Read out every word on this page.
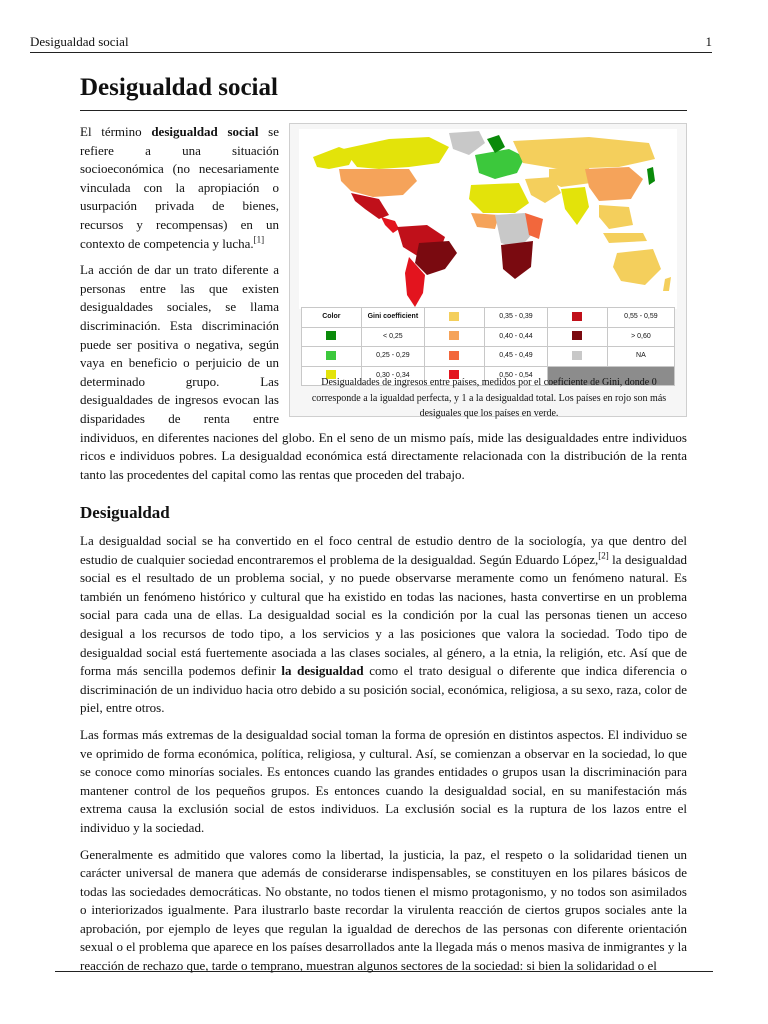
Desigualdad social	1
Desigualdad social
Color	Gini coefficient		0,35 - 0,39		0,55 - 0,59
	< 0,25		0,40 - 0,44		> 0,60
	0,25 - 0,29		0,45 - 0,49		NA
	0,30 - 0,34		0,50 - 0,54		
Desigualdades de ingresos entre países, medidos por el coeficiente de Gini, donde 0 corresponde a la igualdad perfecta, y 1 a la desigualdad total. Los países en rojo son más desiguales que los países en verde.

El término desigualdad social se refiere a una situación socioeconómica (no necesariamente vinculada con la apropiación o usurpación privada de bienes, recursos y recompensas) en un contexto de competencia y lucha.[1]

La acción de dar un trato diferente a personas entre las que existen desigualdades sociales, se llama discriminación. Esta discriminación puede ser positiva o negativa, según vaya en beneficio o perjuicio de un determinado grupo. Las desigualdades de ingresos evocan las disparidades de renta entre individuos, en diferentes naciones del globo. En el seno de un mismo país, mide las desigualdades entre individuos ricos e individuos pobres. La desigualdad económica está directamente relacionada con la distribución de la renta tanto las procedentes del capital como las rentas que proceden del trabajo.

Desigualdad

La desigualdad social se ha convertido en el foco central de estudio dentro de la sociología, ya que dentro del estudio de cualquier sociedad encontraremos el problema de la desigualdad. Según Eduardo López,[2] la desigualdad social es el resultado de un problema social, y no puede observarse meramente como un fenómeno natural. Es también un fenómeno histórico y cultural que ha existido en todas las naciones, hasta convertirse en un problema social para cada una de ellas. La desigualdad social es la condición por la cual las personas tienen un acceso desigual a los recursos de todo tipo, a los servicios y a las posiciones que valora la sociedad. Todo tipo de desigualdad social está fuertemente asociada a las clases sociales, al género, a la etnia, la religión, etc. Así que de forma más sencilla podemos definir la desigualdad como el trato desigual o diferente que indica diferencia o discriminación de un individuo hacia otro debido a su posición social, económica, religiosa, a su sexo, raza, color de piel, entre otros.

Las formas más extremas de la desigualdad social toman la forma de opresión en distintos aspectos. El individuo se ve oprimido de forma económica, política, religiosa, y cultural. Así, se comienzan a observar en la sociedad, lo que se conoce como minorías sociales. Es entonces cuando las grandes entidades o grupos usan la discriminación para mantener control de los pequeños grupos. Es entonces cuando la desigualdad social, en su manifestación más extrema causa la exclusión social de estos individuos. La exclusión social es la ruptura de los lazos entre el individuo y la sociedad.

Generalmente es admitido que valores como la libertad, la justicia, la paz, el respeto o la solidaridad tienen un carácter universal de manera que además de considerarse indispensables, se constituyen en los pilares básicos de todas las sociedades democráticas. No obstante, no todos tienen el mismo protagonismo, y no todos son asimilados o interiorizados igualmente. Para ilustrarlo baste recordar la virulenta reacción de ciertos grupos sociales ante la aprobación, por ejemplo de leyes que regulan la igualdad de derechos de las personas con diferente orientación sexual o el problema que aparece en los países desarrollados ante la llegada más o menos masiva de inmigrantes y la reacción de rechazo que, tarde o temprano, muestran algunos sectores de la sociedad: si bien la solidaridad o el
